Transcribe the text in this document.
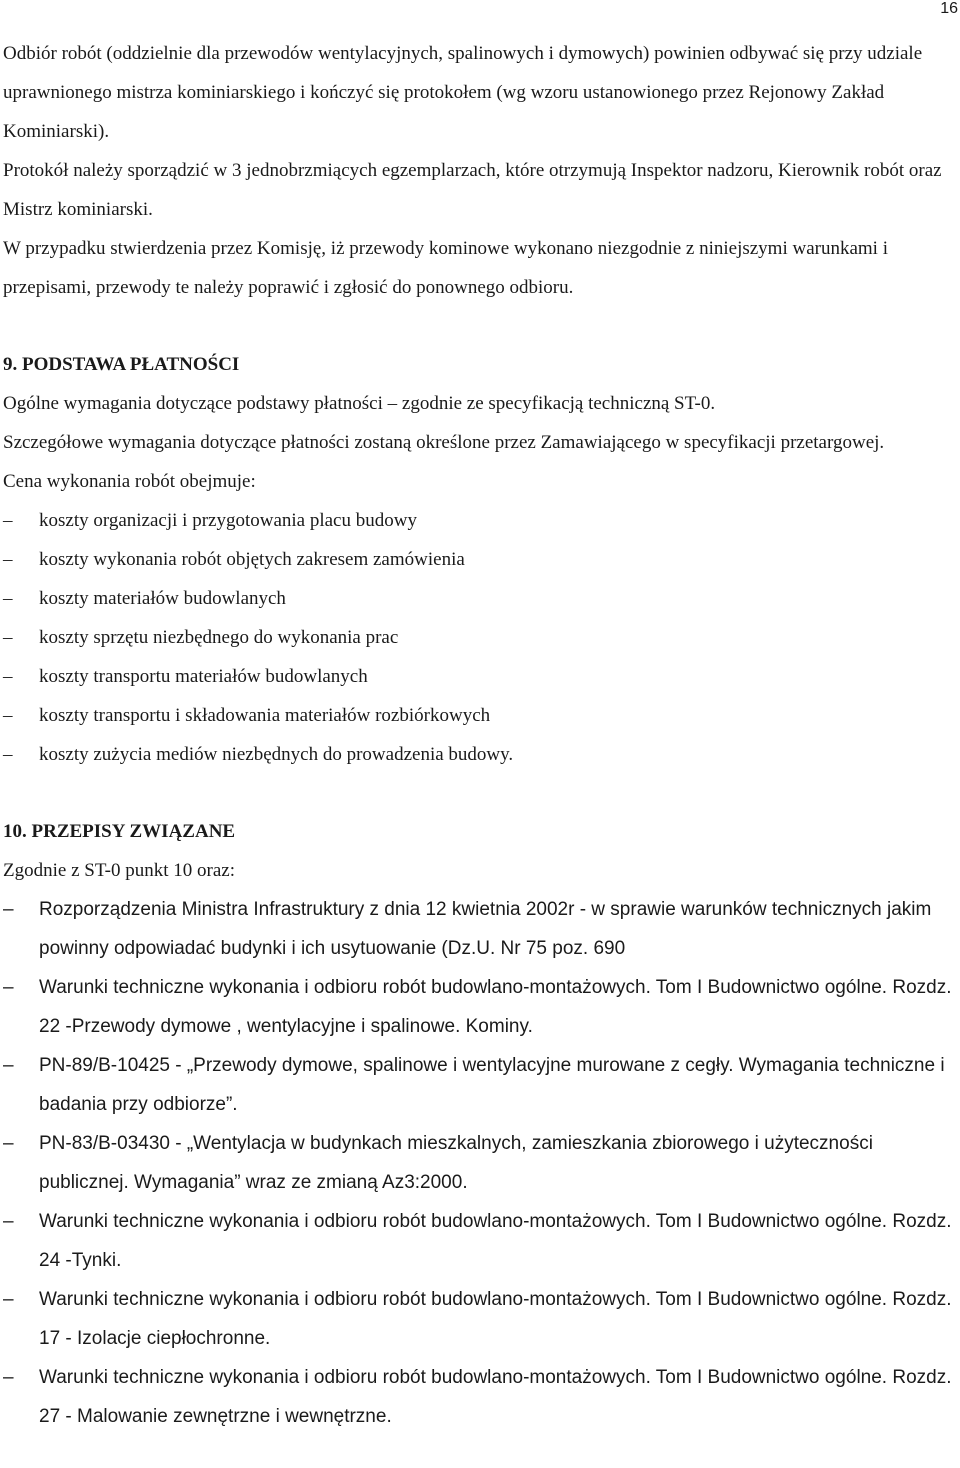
16

Odbiór robót (oddzielnie dla przewodów wentylacyjnych, spalinowych i dymowych) powinien odbywać się przy udziale uprawnionego mistrza kominiarskiego i kończyć się protokołem (wg wzoru ustanowionego przez Rejonowy Zakład Kominiarski).

Protokół należy sporządzić w 3 jednobrzmiących egzemplarzach, które otrzymują Inspektor nadzoru, Kierownik robót oraz Mistrz kominiarski.

W przypadku stwierdzenia przez Komisję, iż przewody kominowe wykonano niezgodnie z niniejszymi warunkami i przepisami, przewody te należy poprawić i zgłosić do ponownego odbioru.

9. PODSTAWA PŁATNOŚCI

Ogólne wymagania dotyczące podstawy płatności – zgodnie ze specyfikacją techniczną ST-0.

Szczegółowe wymagania dotyczące płatności zostaną określone przez Zamawiającego w specyfikacji przetargowej.

Cena wykonania robót obejmuje:

– koszty organizacji i przygotowania placu budowy
– koszty wykonania robót objętych zakresem zamówienia
– koszty materiałów budowlanych
– koszty sprzętu niezbędnego do wykonania prac
– koszty transportu materiałów budowlanych
– koszty transportu i składowania materiałów rozbiórkowych
– koszty zużycia mediów niezbędnych do prowadzenia budowy.

10. PRZEPISY ZWIĄZANE

Zgodnie z ST-0 punkt 10 oraz:

– Rozporządzenia Ministra Infrastruktury z dnia 12 kwietnia 2002r - w sprawie warunków technicznych jakim powinny odpowiadać budynki i ich usytuowanie (Dz.U. Nr 75 poz. 690
– Warunki techniczne wykonania i odbioru robót budowlano-montażowych. Tom I Budownictwo ogólne. Rozdz. 22 -Przewody dymowe , wentylacyjne i spalinowe. Kominy.
– PN-89/B-10425 - „Przewody dymowe, spalinowe i wentylacyjne murowane z cegły. Wymagania techniczne i badania przy odbiorze”.
– PN-83/B-03430 - „Wentylacja w budynkach mieszkalnych, zamieszkania zbiorowego i użyteczności publicznej. Wymagania” wraz ze zmianą Az3:2000.
– Warunki techniczne wykonania i odbioru robót budowlano-montażowych. Tom I Budownictwo ogólne. Rozdz. 24 -Tynki.
– Warunki techniczne wykonania i odbioru robót budowlano-montażowych. Tom I Budownictwo ogólne. Rozdz. 17 - Izolacje ciepłochronne.
– Warunki techniczne wykonania i odbioru robót budowlano-montażowych. Tom I Budownictwo ogólne. Rozdz. 27 - Malowanie zewnętrzne i wewnętrzne.
